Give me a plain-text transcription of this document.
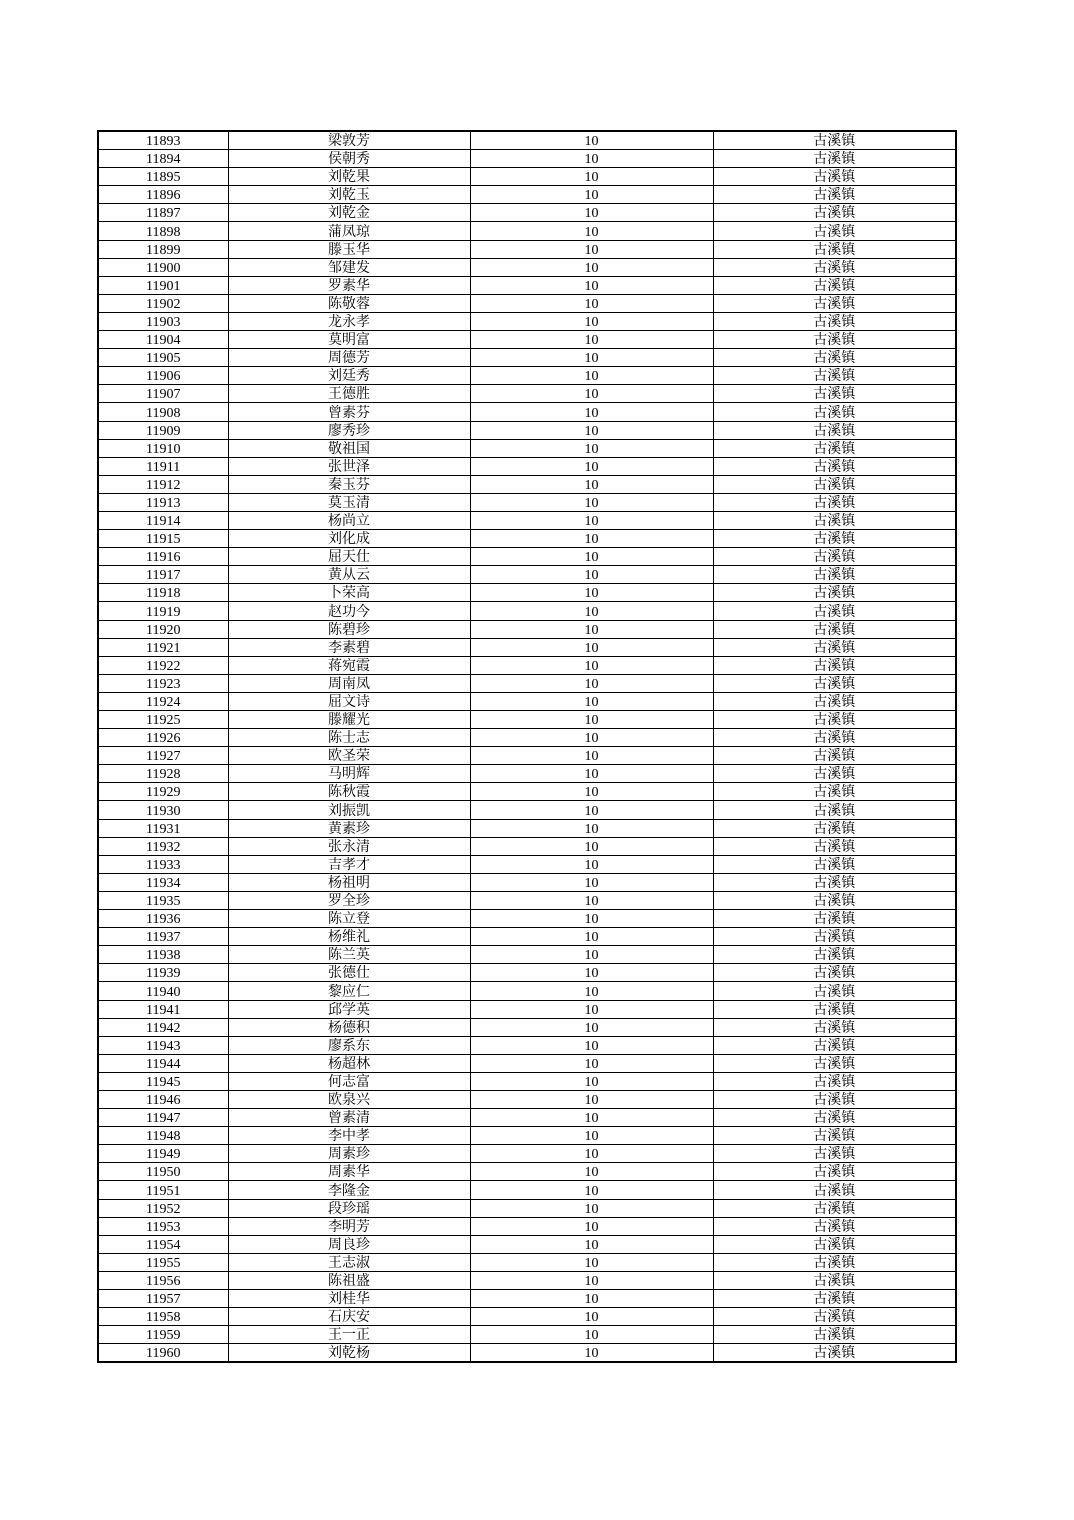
11893	梁敦芳	10	古溪镇
11894	侯朝秀	10	古溪镇
11895	刘乾果	10	古溪镇
11896	刘乾玉	10	古溪镇
11897	刘乾金	10	古溪镇
11898	蒲凤琼	10	古溪镇
11899	滕玉华	10	古溪镇
11900	邹建发	10	古溪镇
11901	罗素华	10	古溪镇
11902	陈敬蓉	10	古溪镇
11903	龙永孝	10	古溪镇
11904	莫明富	10	古溪镇
11905	周德芳	10	古溪镇
11906	刘廷秀	10	古溪镇
11907	王德胜	10	古溪镇
11908	曾素芬	10	古溪镇
11909	廖秀珍	10	古溪镇
11910	敬祖国	10	古溪镇
11911	张世泽	10	古溪镇
11912	秦玉芬	10	古溪镇
11913	莫玉清	10	古溪镇
11914	杨尚立	10	古溪镇
11915	刘化成	10	古溪镇
11916	屈天仕	10	古溪镇
11917	黄从云	10	古溪镇
11918	卜荣高	10	古溪镇
11919	赵功今	10	古溪镇
11920	陈碧珍	10	古溪镇
11921	李素碧	10	古溪镇
11922	蒋宛霞	10	古溪镇
11923	周南凤	10	古溪镇
11924	屈文诗	10	古溪镇
11925	滕耀光	10	古溪镇
11926	陈士志	10	古溪镇
11927	欧圣荣	10	古溪镇
11928	马明辉	10	古溪镇
11929	陈秋霞	10	古溪镇
11930	刘振凯	10	古溪镇
11931	黄素珍	10	古溪镇
11932	张永清	10	古溪镇
11933	吉孝才	10	古溪镇
11934	杨祖明	10	古溪镇
11935	罗全珍	10	古溪镇
11936	陈立登	10	古溪镇
11937	杨维礼	10	古溪镇
11938	陈兰英	10	古溪镇
11939	张德仕	10	古溪镇
11940	黎应仁	10	古溪镇
11941	邱学英	10	古溪镇
11942	杨德积	10	古溪镇
11943	廖系东	10	古溪镇
11944	杨超林	10	古溪镇
11945	何志富	10	古溪镇
11946	欧泉兴	10	古溪镇
11947	曾素清	10	古溪镇
11948	李中孝	10	古溪镇
11949	周素珍	10	古溪镇
11950	周素华	10	古溪镇
11951	李隆金	10	古溪镇
11952	段珍瑶	10	古溪镇
11953	李明芳	10	古溪镇
11954	周良珍	10	古溪镇
11955	王志淑	10	古溪镇
11956	陈祖盛	10	古溪镇
11957	刘桂华	10	古溪镇
11958	石庆安	10	古溪镇
11959	王一正	10	古溪镇
11960	刘乾杨	10	古溪镇
